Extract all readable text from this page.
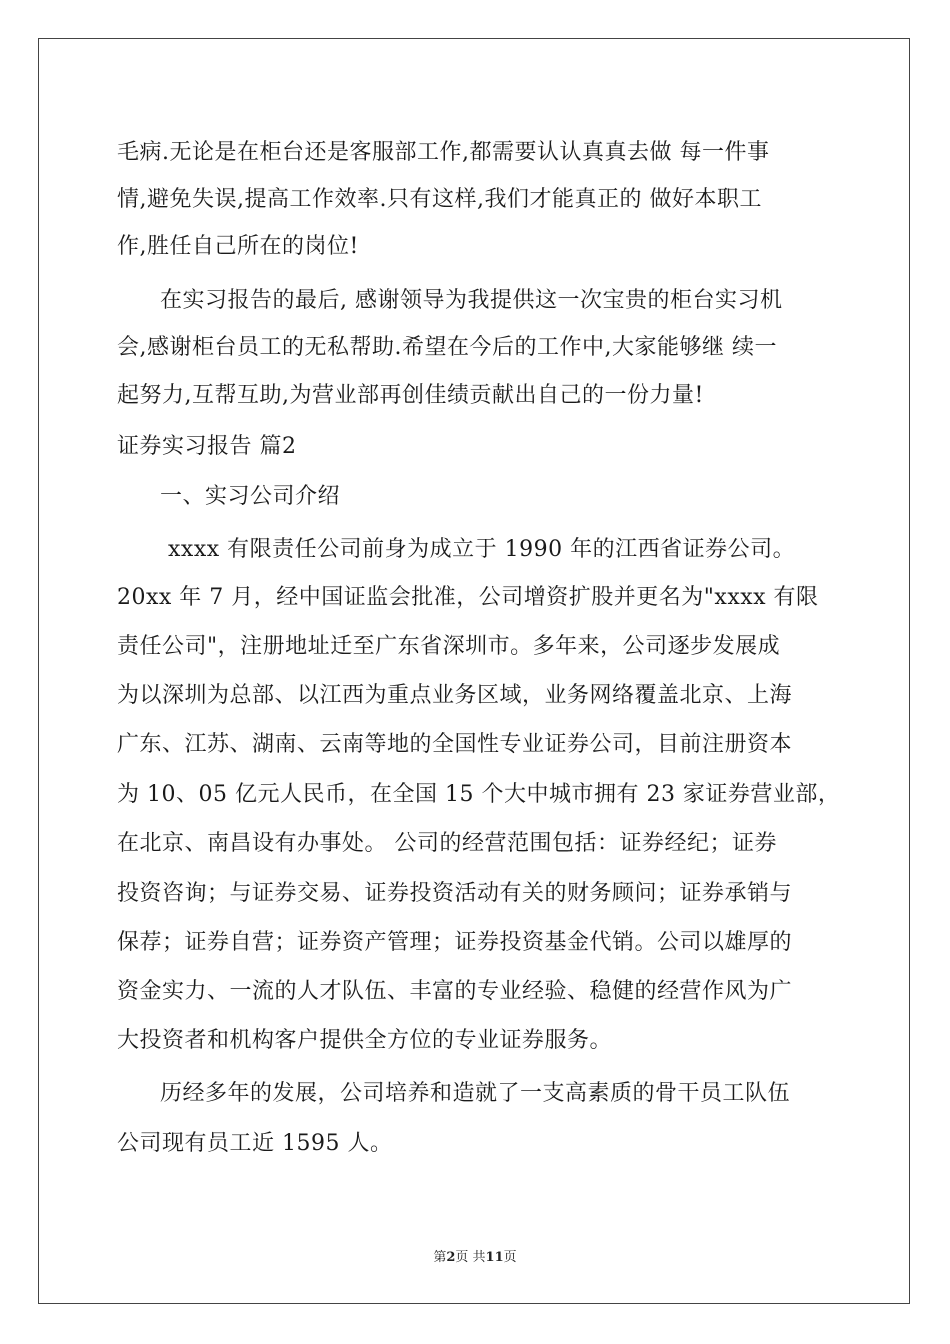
毛病.无论是在柜台还是客服部工作,都需要认认真真去做 每一件事
情,避免失误,提高工作效率.只有这样,我们才能真正的 做好本职工
作,胜任自己所在的岗位!
在实习报告的最后, 感谢领导为我提供这一次宝贵的柜台实习机
会,感谢柜台员工的无私帮助.希望在今后的工作中,大家能够继 续一
起努力,互帮互助,为营业部再创佳绩贡献出自己的一份力量!
证券实习报告 篇2
一、实习公司介绍
xxxx 有限责任公司前身为成立于 1990 年的江西省证券公司。
20xx 年 7 月，经中国证监会批准，公司增资扩股并更名为"xxxx 有限
责任公司"，注册地址迁至广东省深圳市。多年来，公司逐步发展成
为以深圳为总部、以江西为重点业务区域，业务网络覆盖北京、上海
广东、江苏、湖南、云南等地的全国性专业证券公司，目前注册资本
为 10、05 亿元人民币，在全国 15 个大中城市拥有 23 家证券营业部，
在北京、南昌设有办事处。 公司的经营范围包括：证券经纪；证券
投资咨询；与证券交易、证券投资活动有关的财务顾问；证券承销与
保荐；证券自营；证券资产管理；证券投资基金代销。公司以雄厚的
资金实力、一流的人才队伍、丰富的专业经验、稳健的经营作风为广
大投资者和机构客户提供全方位的专业证券服务。
历经多年的发展，公司培养和造就了一支高素质的骨干员工队伍
公司现有员工近 1595 人。
第2页 共11页
